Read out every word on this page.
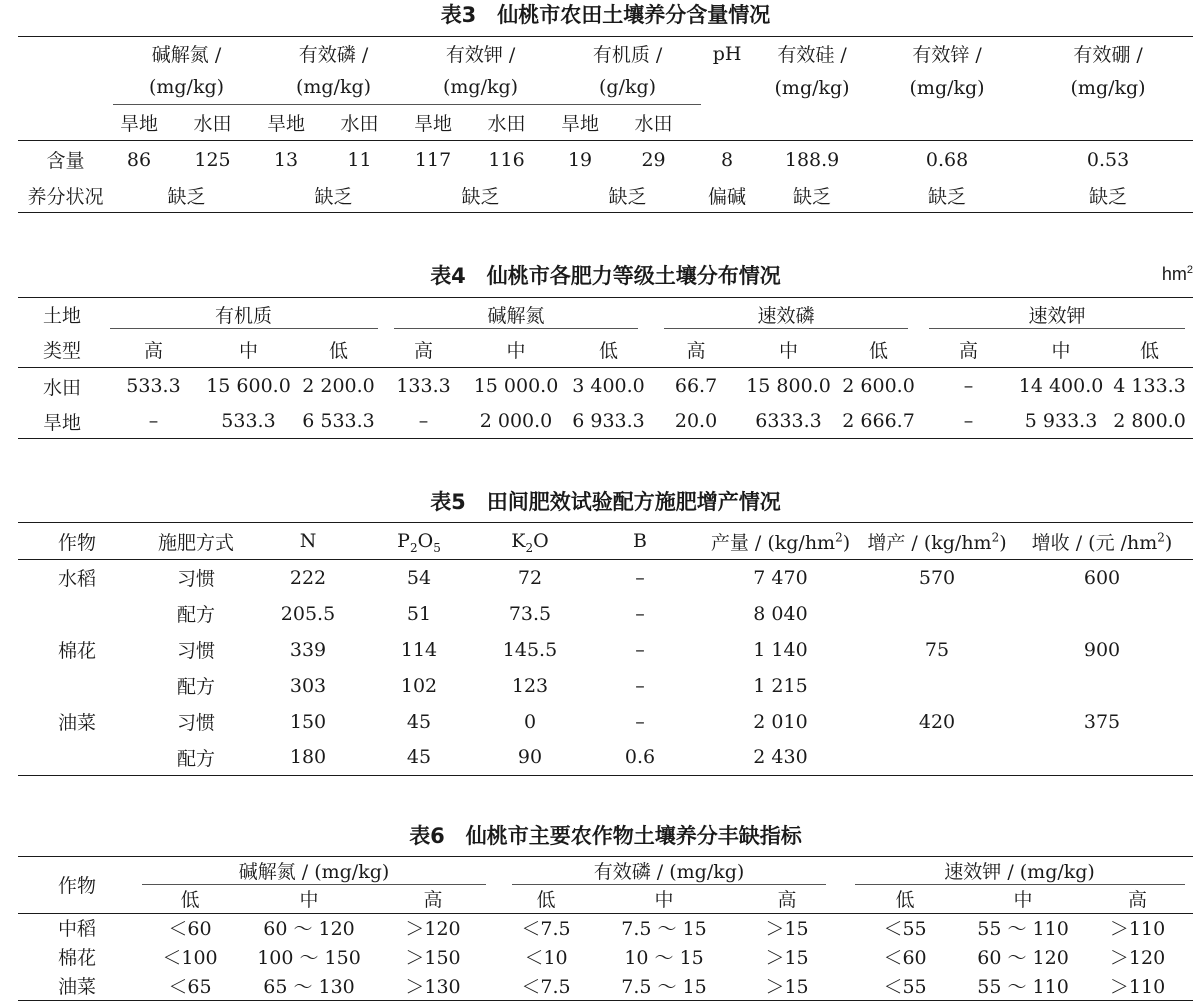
表3　仙桃市农田土壤养分含量情况
	碱解氮 /		有效磷 /		有效钾 /		有机质 /		pH	有效硅 /	有效锌 /	有效硼 /
	(mg/kg)		(mg/kg)		(mg/kg)		(g/kg)			(mg/kg)	(mg/kg)	(mg/kg)
	旱地	水田	旱地	水田	旱地	水田	旱地	水田				
含量	86	125	13	11	117	116	19	29	8	188.9	0.68	0.53
养分状况	缺乏		缺乏		缺乏		缺乏		偏碱	缺乏	缺乏	缺乏
表4　仙桃市各肥力等级土壤分布情况	$hm^2$
土地	有机质			碱解氮			速效磷			速效钾		
类型	高	中	低	高	中	低	高	中	低	高	中	低
水田	533.3	15 600.0	2 200.0	133.3	15 000.0	3 400.0	66.7	15 800.0	2 600.0	–	14 400.0	4 133.3
旱地	–	533.3	6 533.3	–	2 000.0	6 933.3	20.0	6333.3	2 666.7	–	5 933.3	2 800.0
表5　田间肥效试验配方施肥增产情况
作物	施肥方式	N	$P_2O_5$	$K_2O$	B	产量 / $(kg/hm^2)$	增产 / $(kg/hm^2)$	增收 / (元 $/hm^2$)
水稻	习惯	222	54	72	–	7 470	570	600
	配方	205.5	51	73.5	–	8 040		
棉花	习惯	339	114	145.5	–	1 140	75	900
	配方	303	102	123	–	1 215		
油菜	习惯	150	45	0	–	2 010	420	375
	配方	180	45	90	0.6	2 430		
表6　仙桃市主要农作物土壤养分丰缺指标
作物	碱解氮 / (mg/kg)			有效磷 / (mg/kg)			速效钾 / (mg/kg)		
	低	中	高	低	中	高	低	中	高
中稻	＜60	60 ～ 120	＞120	＜7.5	7.5 ～ 15	＞15	＜55	55 ～ 110	＞110
棉花	＜100	100 ～ 150	＞150	＜10	10 ～ 15	＞15	＜60	60 ～ 120	＞120
油菜	＜65	65 ～ 130	＞130	＜7.5	7.5 ～ 15	＞15	＜55	55 ～ 110	＞110
